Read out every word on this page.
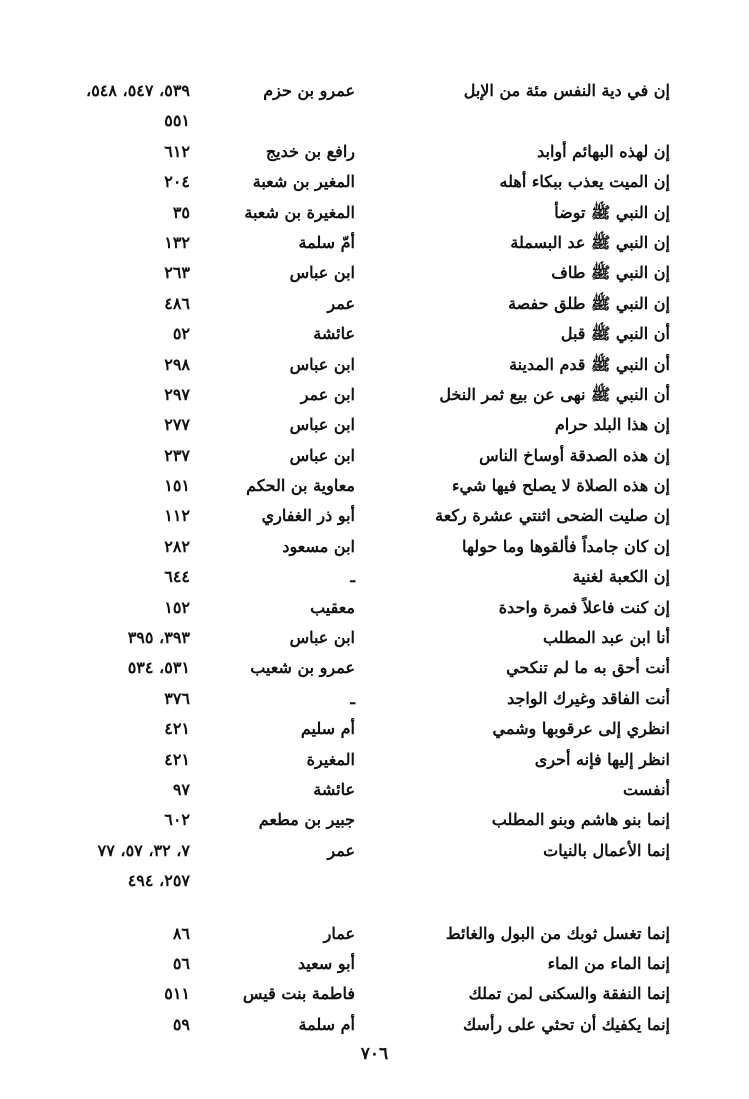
إن في دية النفس مئة من الإبل
عمرو بن حزم
٥٣٩، ٥٤٧، ٥٤٨،
٥٥١
إن لهذه البهائم أوابد
رافع بن خديج
٦١٢
إن الميت يعذب ببكاء أهله
المغير بن شعبة
٢٠٤
إن النبي ﷺ توضأ
المغيرة بن شعبة
٣٥
إن النبي ﷺ عد البسملة
أمّ سلمة
١٣٢
إن النبي ﷺ طاف
ابن عباس
٢٦٣
إن النبي ﷺ طلق حفصة
عمر
٤٨٦
أن النبي ﷺ قبل
عائشة
٥٢
أن النبي ﷺ قدم المدينة
ابن عباس
٢٩٨
أن النبي ﷺ نهى عن بيع ثمر النخل
ابن عمر
٢٩٧
إن هذا البلد حرام
ابن عباس
٢٧٧
إن هذه الصدقة أوساخ الناس
ابن عباس
٢٣٧
إن هذه الصلاة لا يصلح فيها شيء
معاوية بن الحكم
١٥١
إن صليت الضحى اثنتي عشرة ركعة
أبو ذر الغفاري
١١٢
إن كان جامداً فألقوها وما حولها
ابن مسعود
٢٨٢
إن الكعبة لغنية
ـ
٦٤٤
إن كنت فاعلاً فمرة واحدة
معقيب
١٥٢
أنا ابن عبد المطلب
ابن عباس
٣٩٣، ٣٩٥
أنت أحق به ما لم تنكحي
عمرو بن شعيب
٥٣١، ٥٣٤
أنت الفاقد وغيرك الواجد
ـ
٣٧٦
انظري إلى عرقوبها وشمي
أم سليم
٤٢١
انظر إليها فإنه أحرى
المغيرة
٤٢١
أنفست
عائشة
٩٧
إنما بنو هاشم وبنو المطلب
جبير بن مطعم
٦٠٢
إنما الأعمال بالنيات
عمر
٧، ٣٢، ٥٧، ٧٧
٢٥٧، ٤٩٤
إنما تغسل ثوبك من البول والغائط
عمار
٨٦
إنما الماء من الماء
أبو سعيد
٥٦
إنما النفقة والسكنى لمن تملك
فاطمة بنت قيس
٥١١
إنما يكفيك أن تحثي على رأسك
أم سلمة
٥٩
٧٠٦
